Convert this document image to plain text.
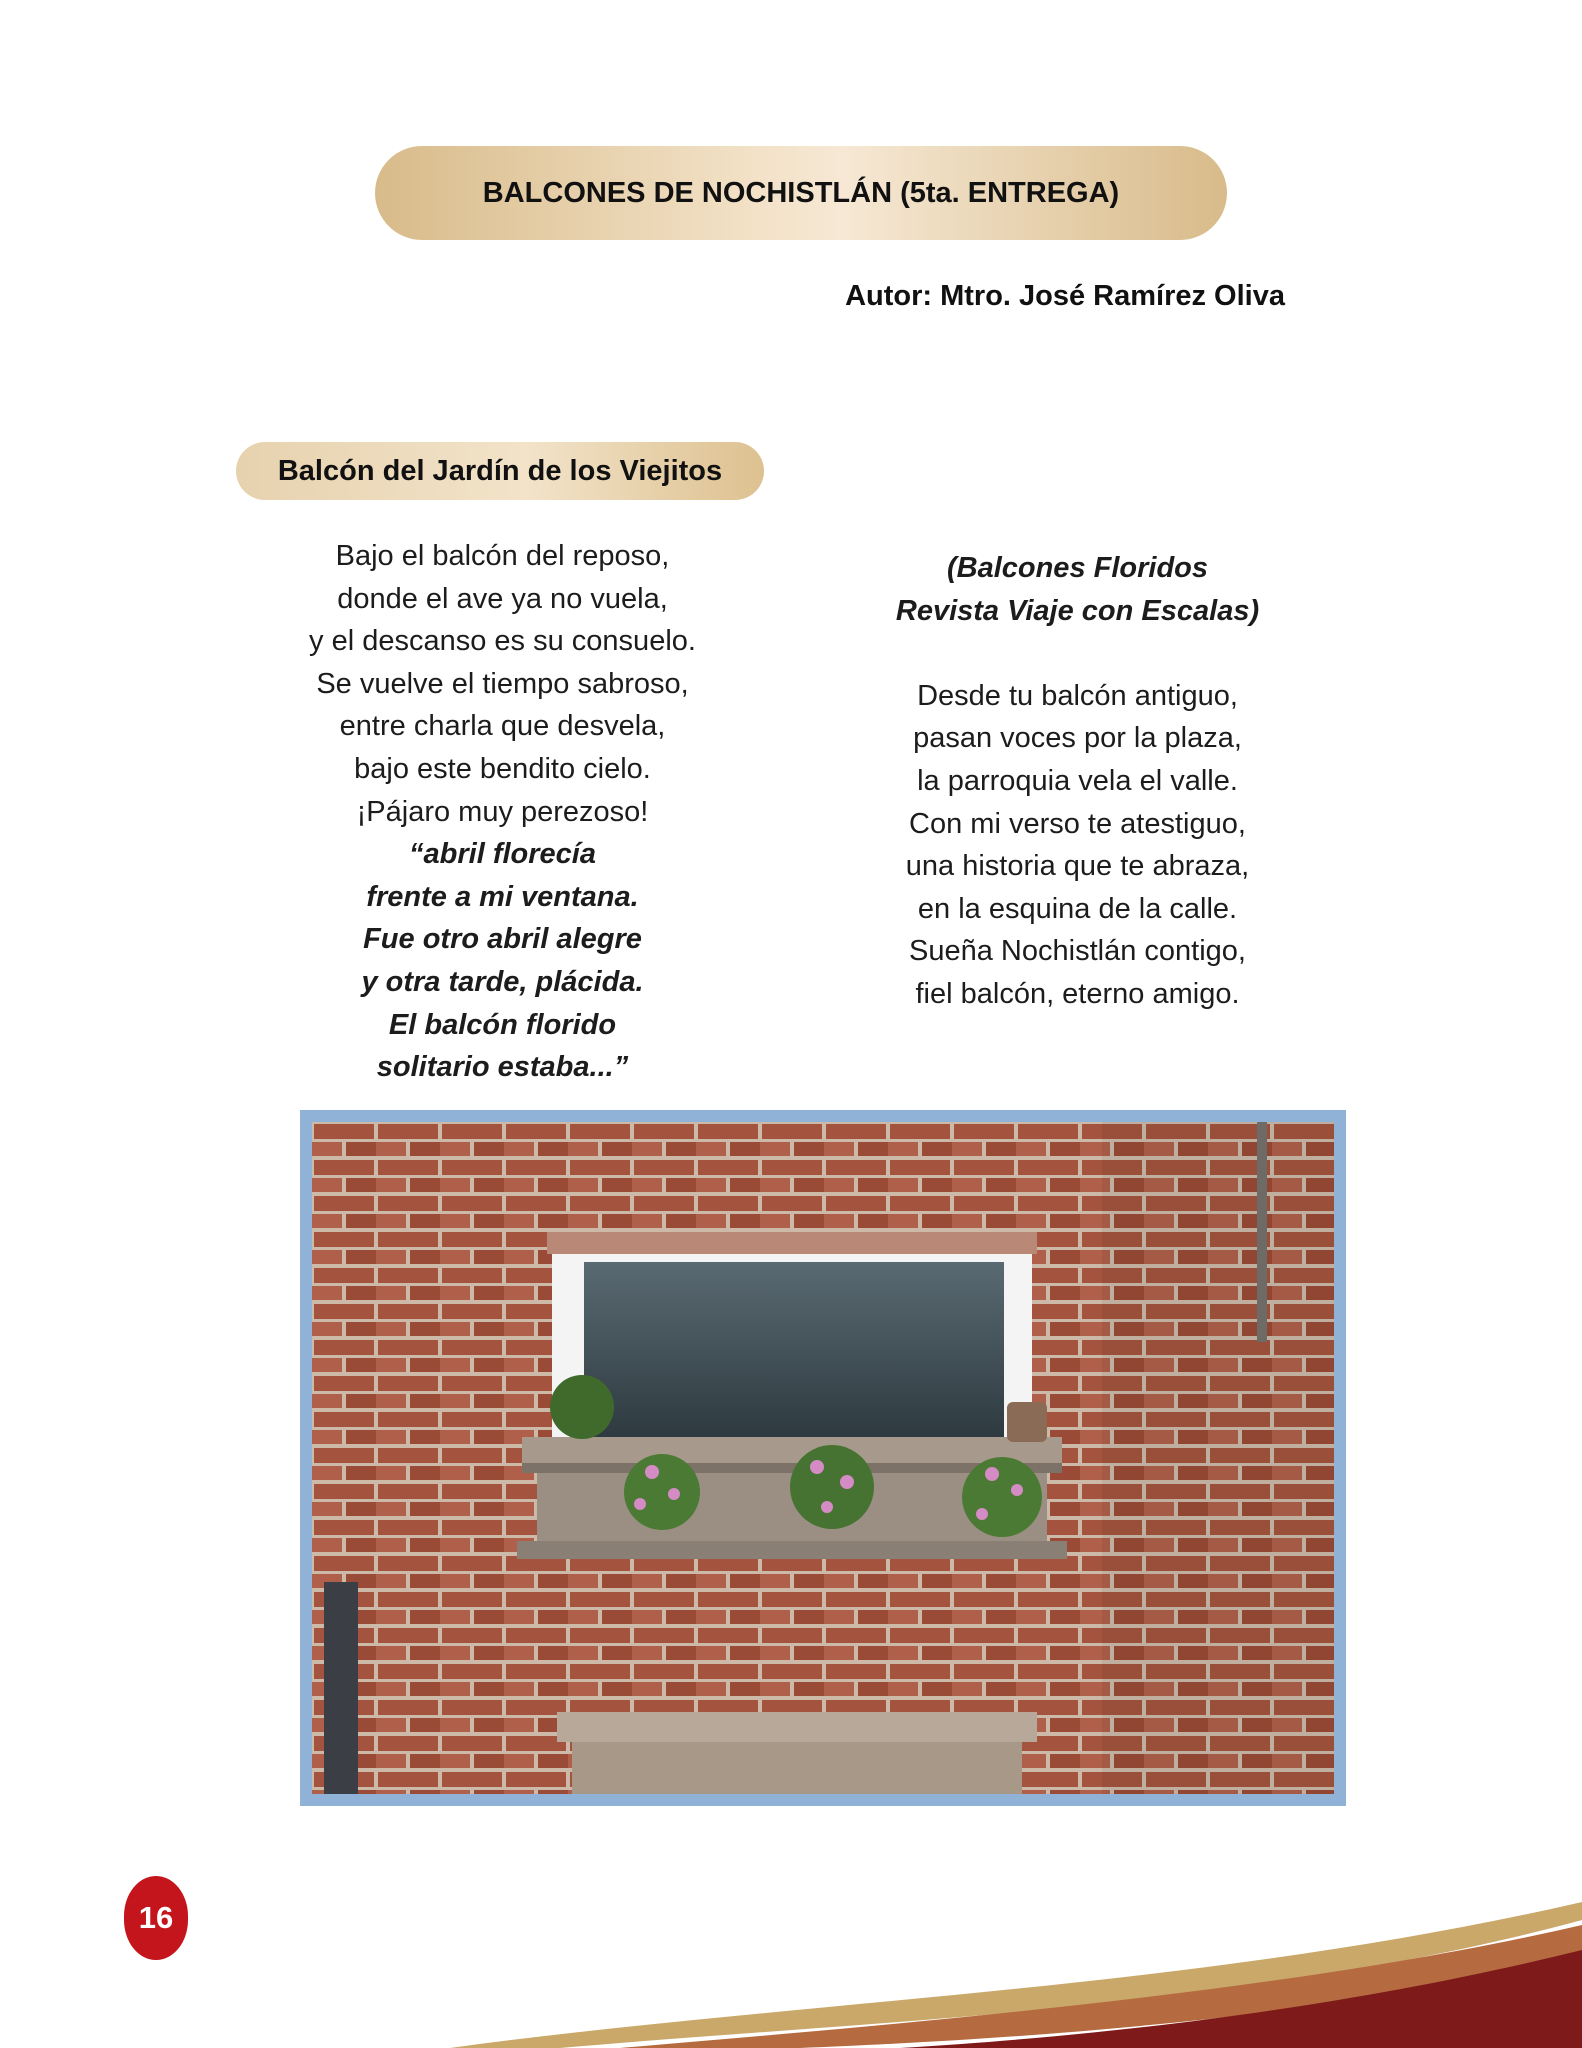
BALCONES DE NOCHISTLÁN (5ta. ENTREGA)
Autor: Mtro. José Ramírez Oliva
Balcón del Jardín de los Viejitos
Bajo el balcón del reposo,
donde el ave ya no vuela,
y el descanso es su consuelo.
Se vuelve el tiempo sabroso,
entre charla que desvela,
bajo este bendito cielo.
¡Pájaro muy perezoso!
“abril florecía
frente a mi ventana.
Fue otro abril alegre
y otra tarde, plácida.
El balcón florido
solitario estaba...”
(Balcones Floridos
Revista Viaje con Escalas)
Desde tu balcón antiguo,
pasan voces por la plaza,
la parroquia vela el valle.
Con mi verso te atestiguo,
una historia que te abraza,
en la esquina de la calle.
Sueña Nochistlán contigo,
fiel balcón, eterno amigo.
16
